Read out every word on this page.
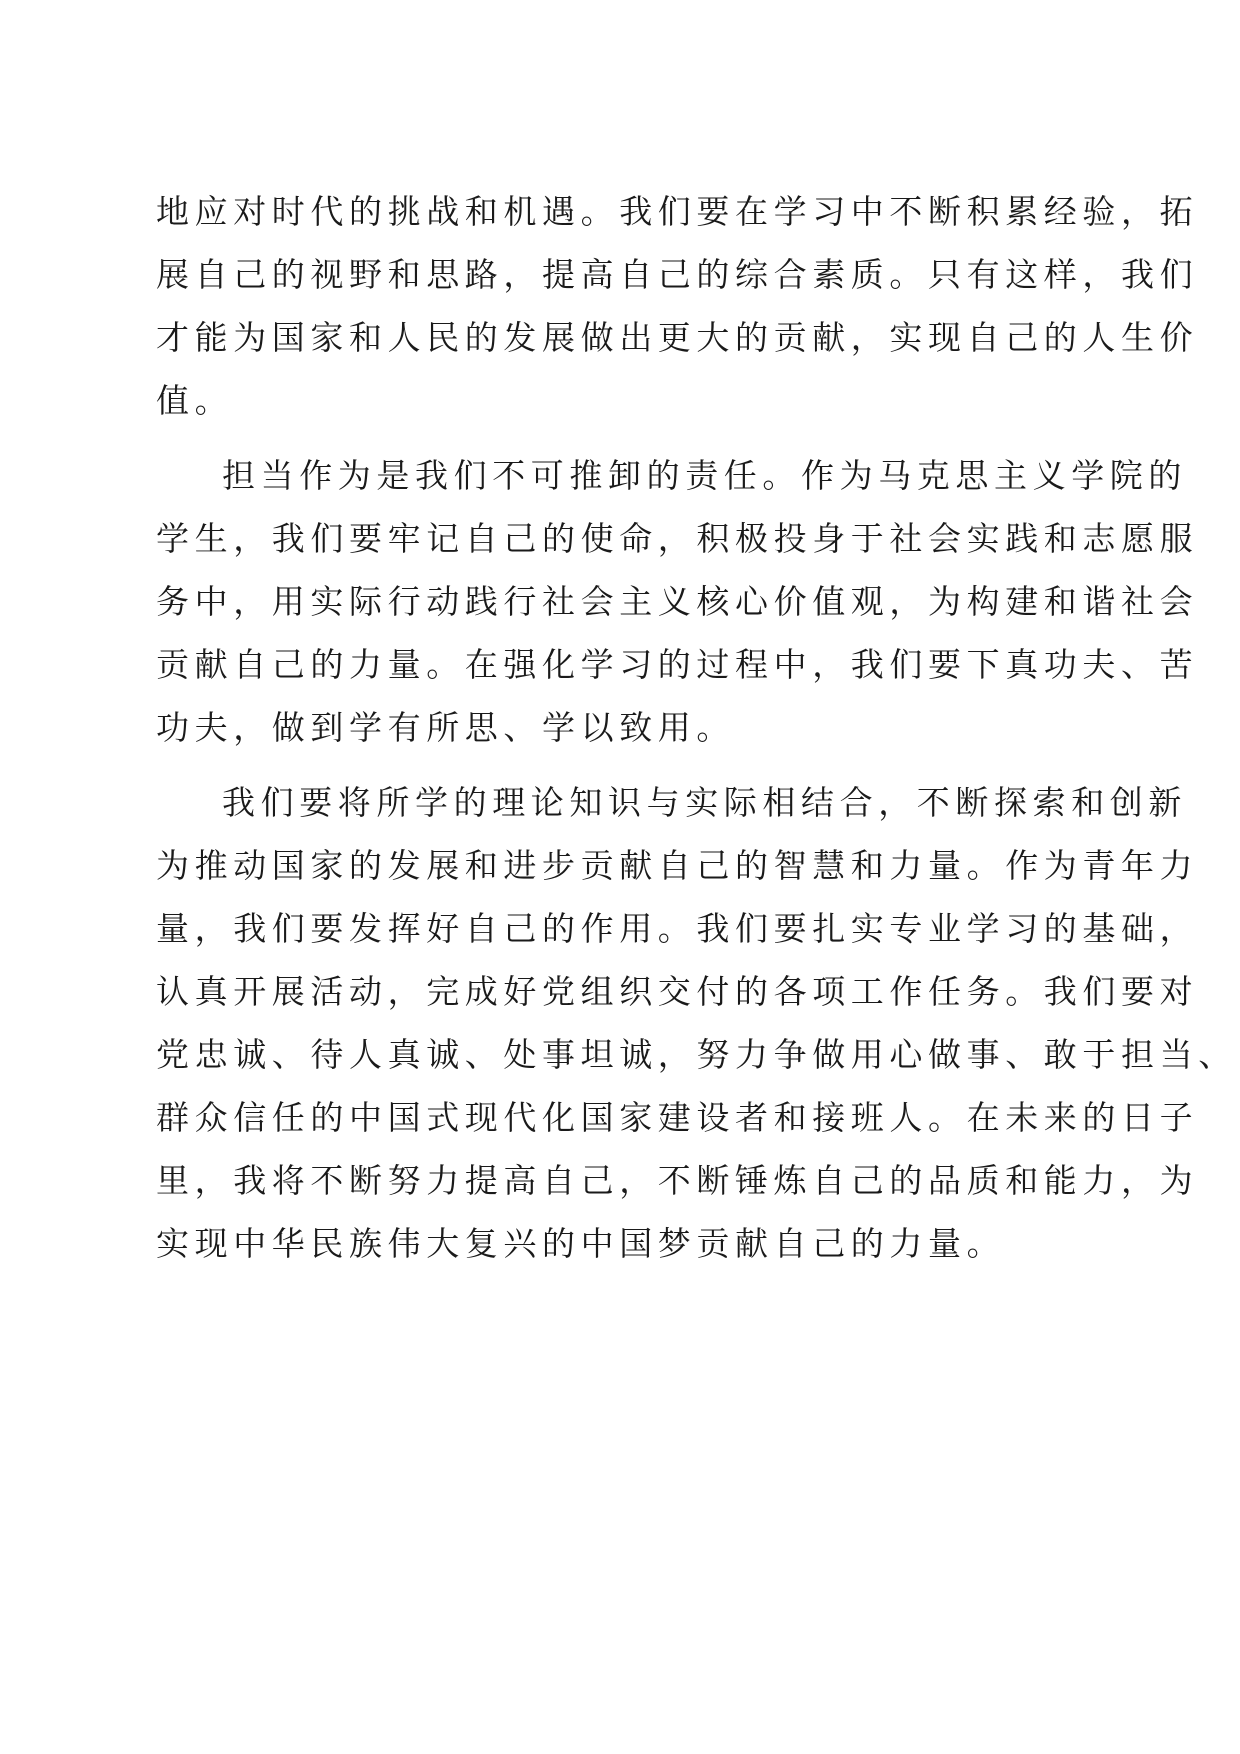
地应对时代的挑战和机遇。我们要在学习中不断积累经验，拓
展自己的视野和思路，提高自己的综合素质。只有这样，我们
才能为国家和人民的发展做出更大的贡献，实现自己的人生价
值。
担当作为是我们不可推卸的责任。作为马克思主义学院的
学生，我们要牢记自己的使命，积极投身于社会实践和志愿服
务中，用实际行动践行社会主义核心价值观，为构建和谐社会
贡献自己的力量。在强化学习的过程中，我们要下真功夫、苦
功夫，做到学有所思、学以致用。
我们要将所学的理论知识与实际相结合，不断探索和创新
为推动国家的发展和进步贡献自己的智慧和力量。作为青年力
量，我们要发挥好自己的作用。我们要扎实专业学习的基础，
认真开展活动，完成好党组织交付的各项工作任务。我们要对
党忠诚、待人真诚、处事坦诚，努力争做用心做事、敢于担当、
群众信任的中国式现代化国家建设者和接班人。在未来的日子
里，我将不断努力提高自己，不断锤炼自己的品质和能力，为
实现中华民族伟大复兴的中国梦贡献自己的力量。
